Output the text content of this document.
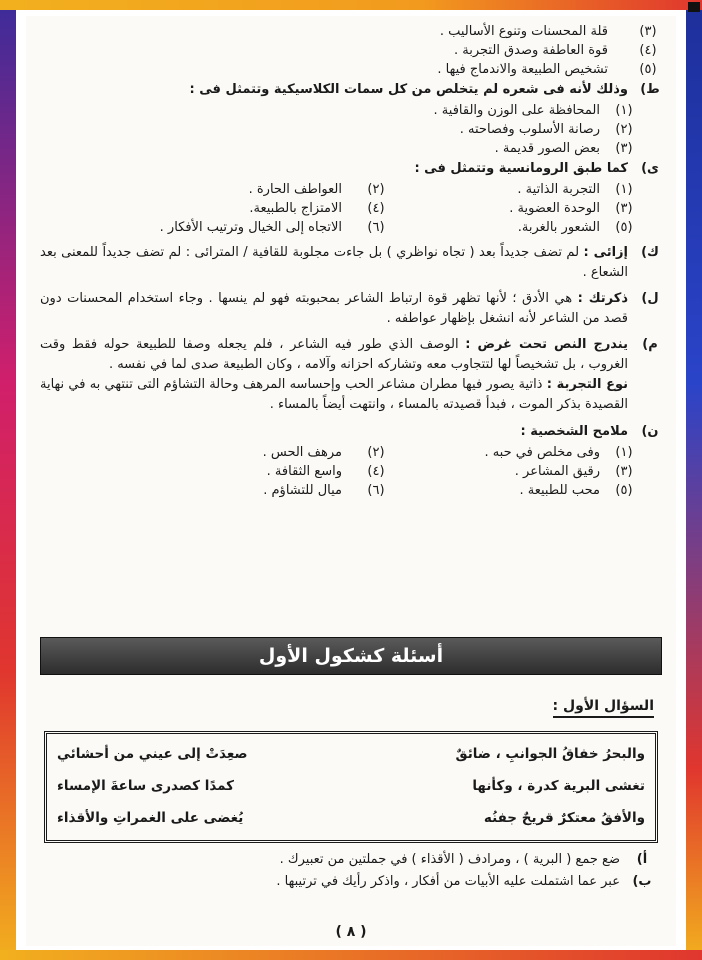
(٣)
قلة المحسنات وتنوع الأساليب .
(٤)
قوة العاطفة وصدق التجربة .
(٥)
تشخيص الطبيعة والاندماج فيها .
ط)
وذلك لأنه فى شعره لم يتخلص من كل سمات الكلاسيكية وتتمثل فى :
(١)
المحافظة على الوزن والقافية .
(٢)
رصانة الأسلوب وفصاحته .
(٣)
بعض الصور قديمة .
ى)
كما طبق الرومانسية وتتمثل فى :
(١)
التجربة الذاتية .
(٢)
العواطف الحارة .
(٣)
الوحدة العضوية .
(٤)
الامتزاج بالطبيعة.
(٥)
الشعور بالغربة.
(٦)
الاتجاه إلى الخيال وترتيب الأفكار .
ك)
إزائى : لم تضف جديداً بعد ( تجاه نواظري ) بل جاءت مجلوبة للقافية / المترائى : لم تضف جديداً للمعنى بعد الشعاع .
ل)
ذكرتك : هي الأدق ؛ لأنها تظهر قوة ارتباط الشاعر بمحبوبته فهو لم ينسها . وجاء استخدام المحسنات دون قصد من الشاعر لأنه انشغل بإظهار عواطفه .
م)
يندرج النص تحت غرض : الوصف الذي طور فيه الشاعر ، فلم يجعله وصفا للطبيعة حوله فقط وقت الغروب ، بل تشخيصاً لها لتتجاوب معه وتشاركه احزانه وآلامه ، وكان الطبيعة صدى لما في نفسه .
نوع التجربة : ذاتية يصور فيها مطران مشاعر الحب وإحساسه المرهف وحالة التشاؤم التى تنتهي به في نهاية القصيدة بذكر الموت ، فبدأ قصيدته بالمساء ، وانتهت أيضاً بالمساء .
ن)
ملامح الشخصية :
(١)
وفى مخلص في حبه .
(٢)
مرهف الحس .
(٣)
رقيق المشاعر .
(٤)
واسع الثقافة .
(٥)
محب للطبيعة .
(٦)
ميال للتشاؤم .
أسئلة كشكول الأول
السؤال الأول :
والبحرُ خفاقُ الجوانبِ ، ضائقٌ
صعِدَتْ إلى عيني من أحشائي
تغشى البرية كدرة ، وكأنها
كمدًا كصدرى ساعةَ الإمساء
والأفقُ معتكرٌ قريحٌ جفنُه
يُغضى على الغمراتِ والأقذاء
أ)
ضع جمع ( البرية ) ، ومرادف ( الأقذاء ) في جملتين من تعبيرك .
ب)
عبر عما اشتملت عليه الأبيات من أفكار ، واذكر رأيك في ترتيبها .
( ٨ )
